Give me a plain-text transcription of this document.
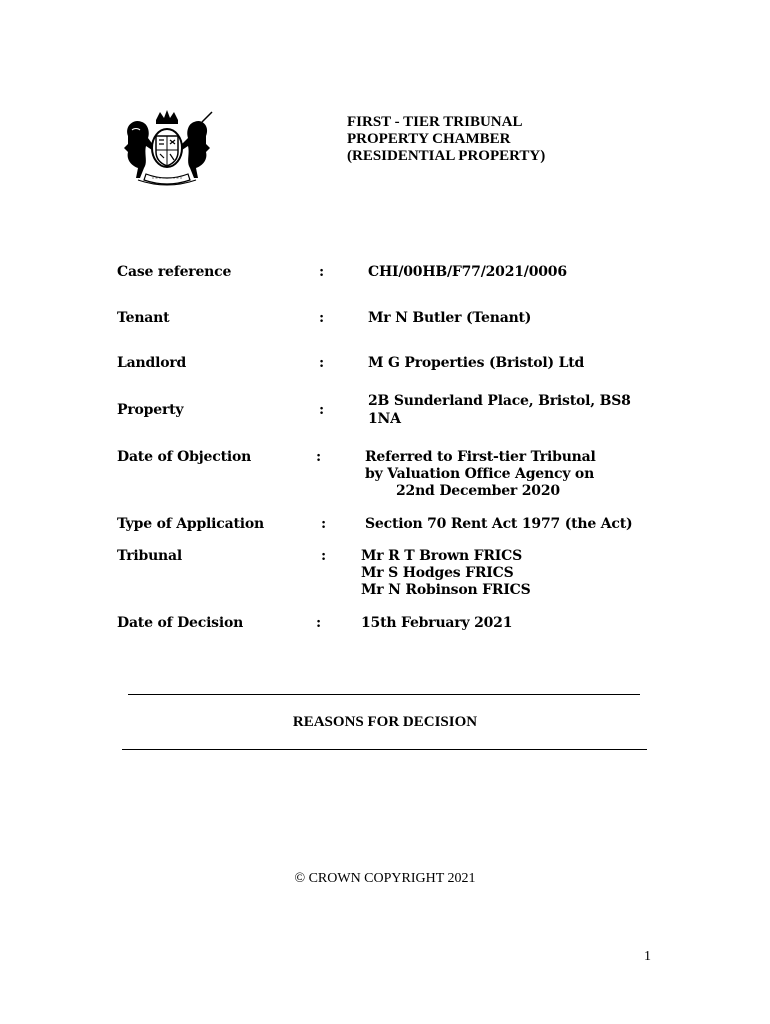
FIRST - TIER TRIBUNAL
PROPERTY CHAMBER
(RESIDENTIAL PROPERTY)
Case reference	:	CHI/00HB/F77/2021/0006
Tenant	:	Mr N Butler (Tenant)
Landlord	:	M G Properties (Bristol) Ltd
Property	:
2B Sunderland Place, Bristol, BS8
1NA
Date of Objection	:	Referred to First-tier Tribunal
by Valuation Office Agency on
22nd December 2020
Type of Application	:	Section 70 Rent Act 1977 (the Act)
Tribunal	: Mr R T Brown FRICS
Mr S Hodges FRICS
Mr N Robinson FRICS
Date of Decision	:	15th February 2021
REASONS FOR DECISION
© CROWN COPYRIGHT 2021
1
